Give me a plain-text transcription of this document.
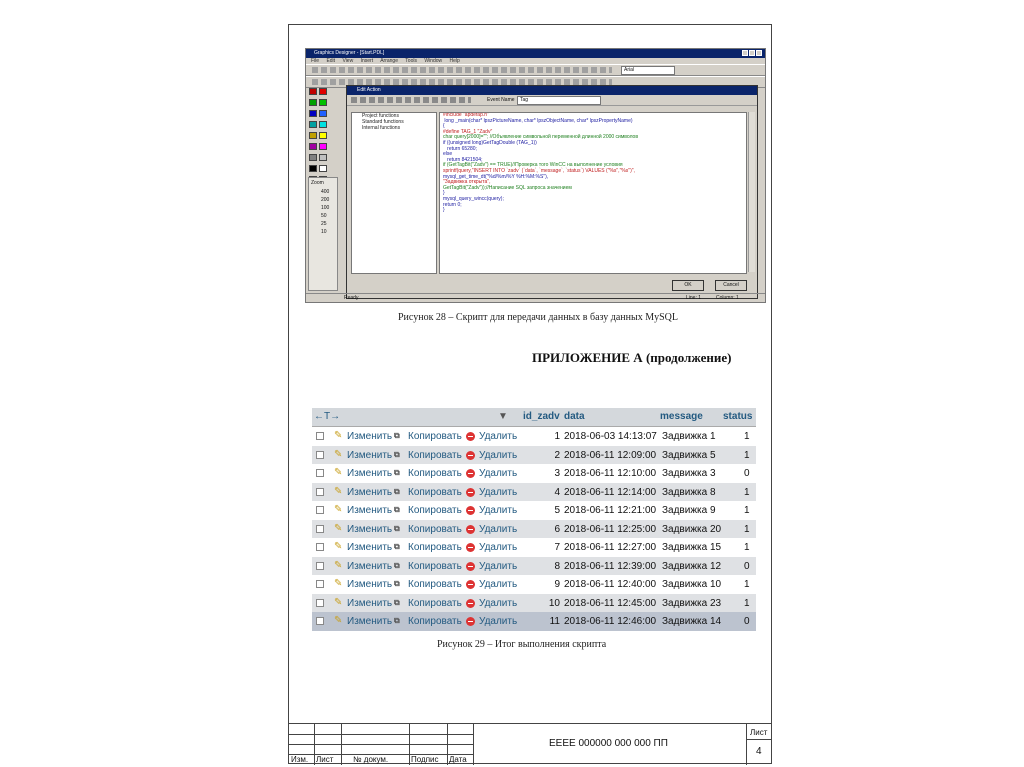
Graphics Designer - [Start.PDL]
File Edit View Insert Arrange Tools Window Help
Arial
Zoom
400
200
100
50
25
10
Edit Action
Event Name	Tag
Project functions
Standard functions
Internal functions
#include "apdefap.h"
long _main(char* lpszPictureName, char* lpszObjectName, char* lpszPropertyName)
{
#define TAG_1 "Zadv"
char query[2000]=""; //Объявление символьной переменной длинной 2000 символов
if ((unsigned long)GetTagDouble (TAG_1))
return 65280;
else
return 8421504;
if (GetTagBit("Zadv") == TRUE)//Проверка того WinCC на выполнение условия
sprintf(query,"INSERT INTO `zadv` (`data`, `message`, `status`) VALUES ("%s","%s")",
mysql_get_time_dt("%d/%m/%Y %H:%M:%S"),
"Задвижка открыта",
GetTagBit("Zadv"));//Написание SQL запроса значением
}
mysql_query_wincc(query);
return 0;
}
OK	Cancel
Ready	Line: 1	Column: 1
Рисунок 28 – Скрипт для передачи данных в базу данных MySQL
ПРИЛОЖЕНИЕ А (продолжение)
←T→	▼ id_zadv data	message status
✎ Изменить ⧉ Копировать Удалить	1 2018-06-03 14:13:07 Задвижка 1	1
✎ Изменить ⧉ Копировать Удалить	2 2018-06-11 12:09:00 Задвижка 5	1
✎ Изменить ⧉ Копировать Удалить	3 2018-06-11 12:10:00 Задвижка 3	0
✎ Изменить ⧉ Копировать Удалить	4 2018-06-11 12:14:00 Задвижка 8	1
✎ Изменить ⧉ Копировать Удалить	5 2018-06-11 12:21:00 Задвижка 9	1
✎ Изменить ⧉ Копировать Удалить	6 2018-06-11 12:25:00 Задвижка 20 1
✎ Изменить ⧉ Копировать Удалить	7 2018-06-11 12:27:00 Задвижка 15 1
✎ Изменить ⧉ Копировать Удалить	8 2018-06-11 12:39:00 Задвижка 12 0
✎ Изменить ⧉ Копировать Удалить	9 2018-06-11 12:40:00 Задвижка 10 1
✎ Изменить ⧉ Копировать Удалить	10 2018-06-11 12:45:00 Задвижка 23 1
✎ Изменить ⧉ Копировать Удалить	11 2018-06-11 12:46:00 Задвижка 14 0
Рисунок 29 – Итог выполнения скрипта
Изм. Лист № докум.	Подпис Дата
ЕЕЕЕ 000000 000 000 ПП
Лист
4
